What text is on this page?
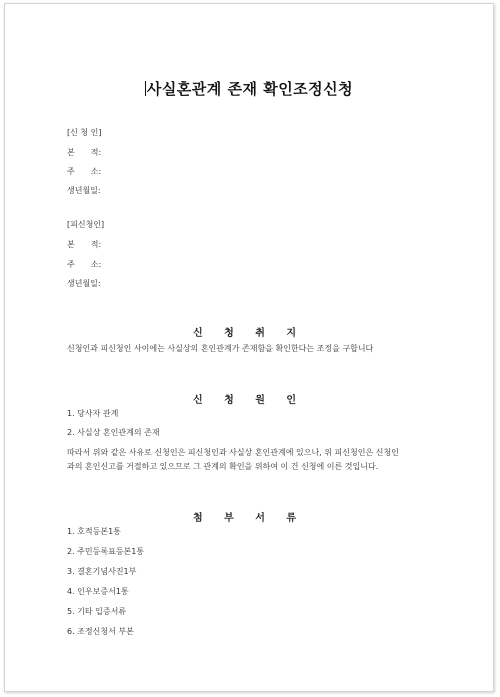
사실혼관계 존재 확인조정신청
[신 청 인]
본　　적:
주　　소:
생년월일:
[피신청인]
본　　적:
주　　소:
생년월일:
신 청 취 지
신청인과 피신청인 사이에는 사실상의 혼인관계가 존재함을 확인한다는 조정을 구합니다
신 청 원 인
1. 당사자 관계
2. 사실상 혼인관계의 존재
따라서 위와 같은 사유로 신청인은 피신청인과 사실상 혼인관계에 있으나, 위 피신청인은 신청인
과의 혼인신고를 거절하고 있으므로 그 관계의 확인을 위하여 이 건 신청에 이른 것입니다.
첨 부 서 류
1. 호적등본1통
2. 주민등록표등본1통
3. 결혼기념사진1부
4. 인우보증서1통
5. 기타 입증서류
6. 조정신청서 부본
